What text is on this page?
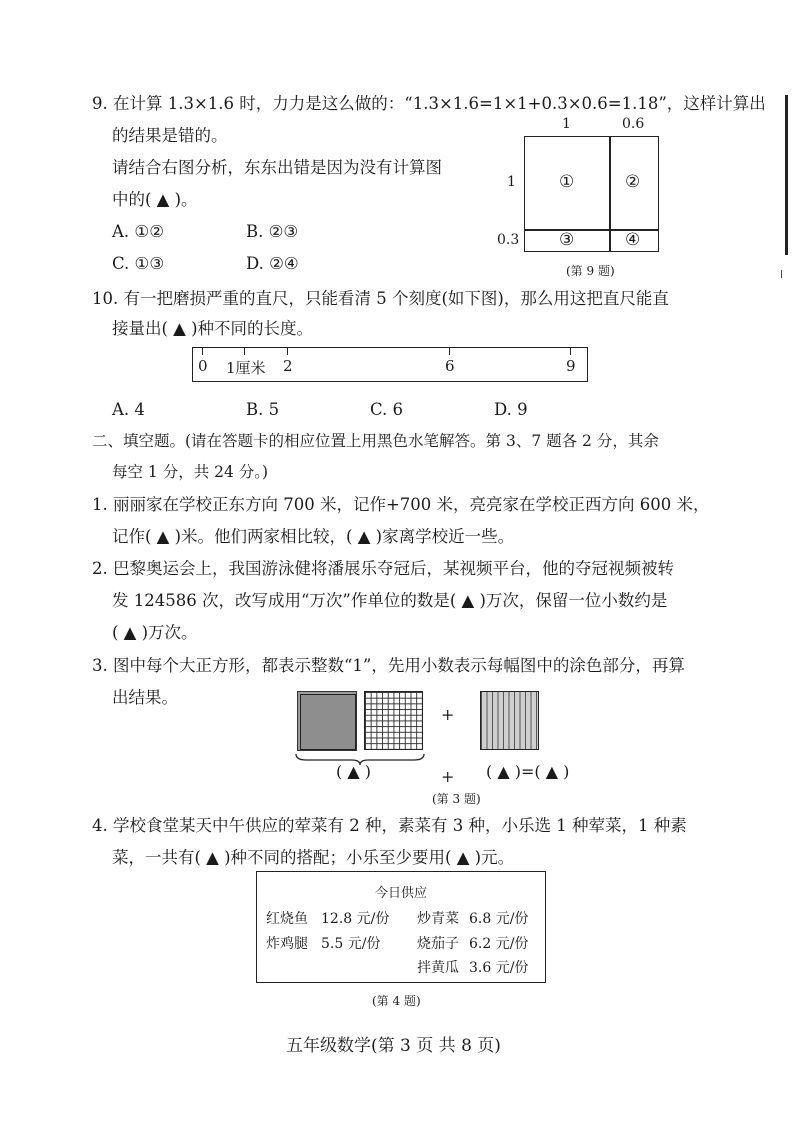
9. 在计算 1.3×1.6 时，力力是这么做的：“1.3×1.6=1×1+0.3×0.6=1.18”，这样计算出
的结果是错的。
请结合右图分析，东东出错是因为没有计算图
中的( ▲ )。
A. ①②	B. ②③
C. ①③	D. ②④
1	0.6
1
0.3
①	②
③	④
(第 9 题)
10. 有一把磨损严重的直尺，只能看清 5 个刻度(如下图)，那么用这把直尺能直
接量出( ▲ )种不同的长度。
0 1厘米 2	6	9
A. 4	B. 5	C. 6	D. 9
二、填空题。(请在答题卡的相应位置上用黑色水笔解答。第 3、7 题各 2 分，其余
每空 1 分，共 24 分。)
1. 丽丽家在学校正东方向 700 米，记作+700 米，亮亮家在学校正西方向 600 米，
记作( ▲ )米。他们两家相比较，( ▲ )家离学校近一些。
2. 巴黎奥运会上，我国游泳健将潘展乐夺冠后，某视频平台，他的夺冠视频被转
发 124586 次，改写成用“万次”作单位的数是( ▲ )万次，保留一位小数约是
( ▲ )万次。
3. 图中每个大正方形，都表示整数“1”，先用小数表示每幅图中的涂色部分，再算
出结果。
+
( ▲ )	+ ( ▲ )=( ▲ )
(第 3 题)
4. 学校食堂某天中午供应的荤菜有 2 种，素菜有 3 种，小乐选 1 种荤菜，1 种素
菜，一共有( ▲ )种不同的搭配；小乐至少要用( ▲ )元。
今日供应
红烧鱼 12.8 元/份
炸鸡腿 5.5 元/份
炒青菜 6.8 元/份
烧茄子 6.2 元/份
拌黄瓜 3.6 元/份
(第 4 题)
五年级数学(第 3 页 共 8 页)
